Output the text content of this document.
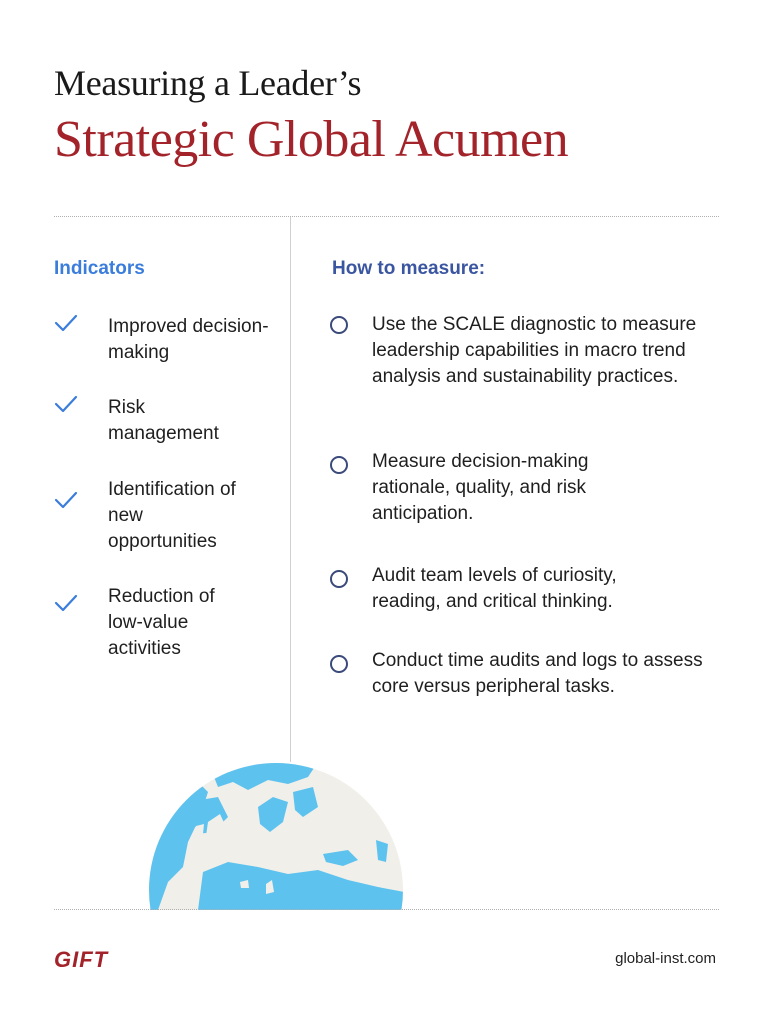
Measuring a Leader’s
Strategic Global Acumen
Indicators	How to measure:
Improved decision-making
Risk management
Identification of new opportunities
Reduction of low-value activities
Use the SCALE diagnostic to measure leadership capabilities in macro trend analysis and sustainability practices.
Measure decision-making rationale, quality, and risk anticipation.
Audit team levels of curiosity, reading, and critical thinking.
Conduct time audits and logs to assess core versus peripheral tasks.
GIFT	global-inst.com
